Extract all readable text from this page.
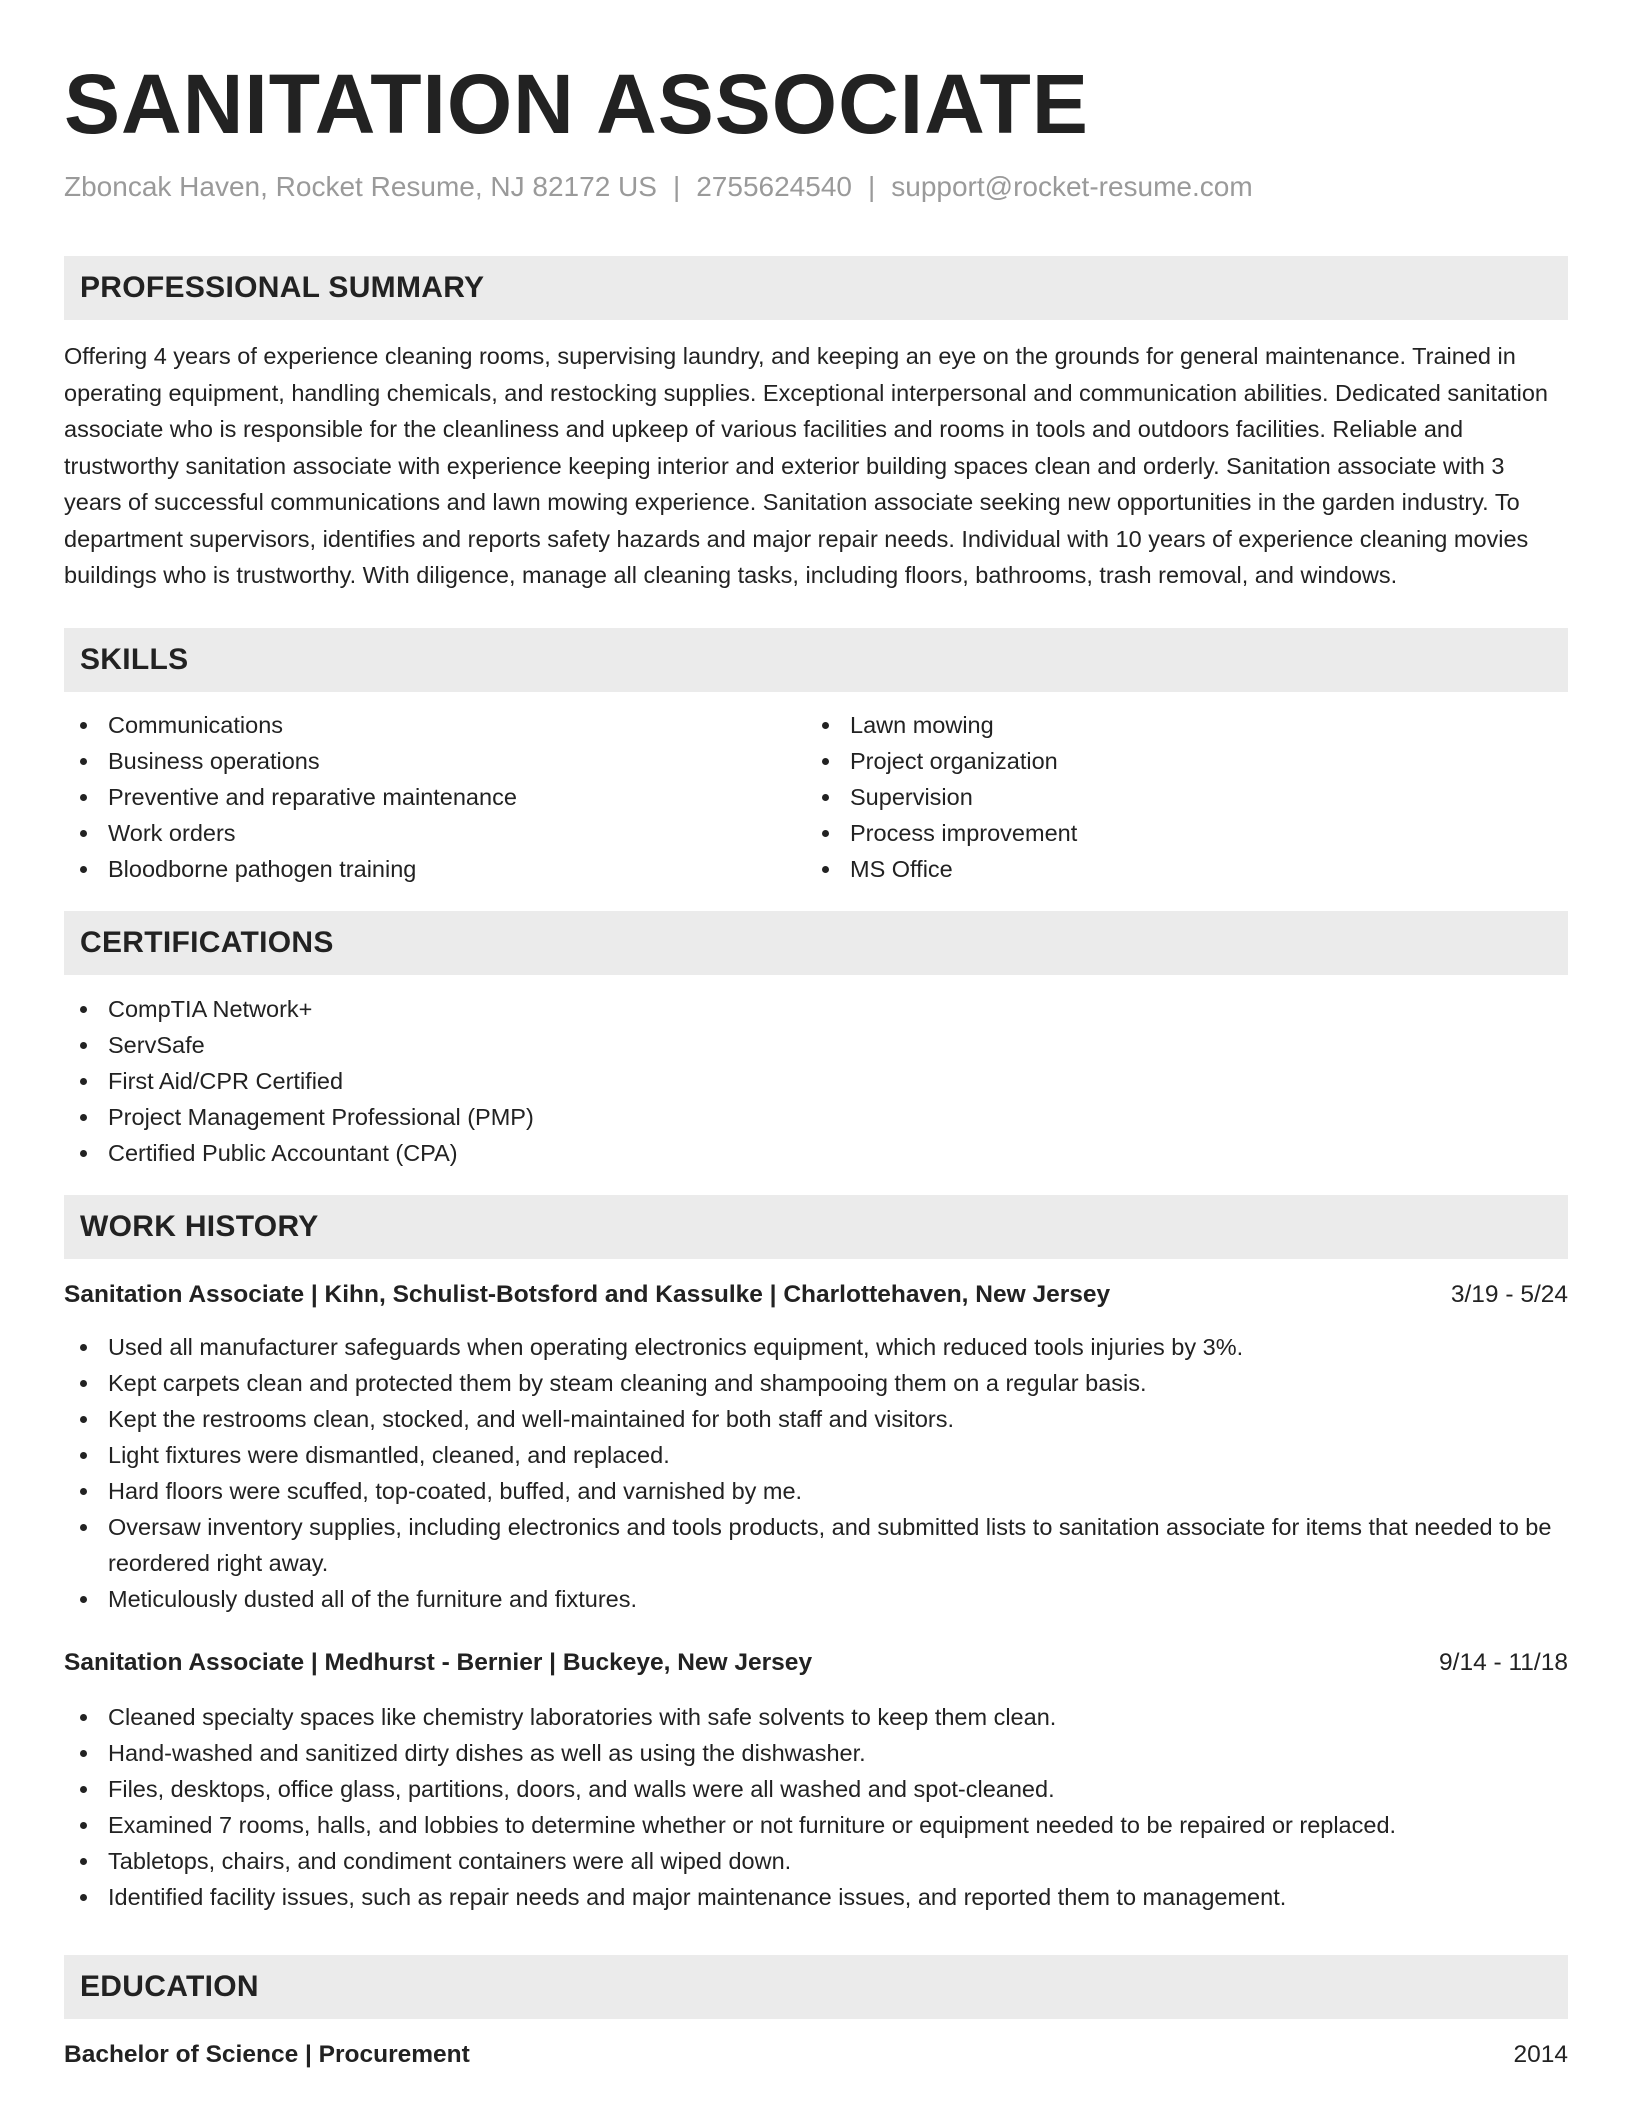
SANITATION ASSOCIATE
Zboncak Haven, Rocket Resume, NJ 82172 US | 2755624540 | support@rocket-resume.com
PROFESSIONAL SUMMARY

Offering 4 years of experience cleaning rooms, supervising laundry, and keeping an eye on the grounds for general maintenance. Trained in operating equipment, handling chemicals, and restocking supplies. Exceptional interpersonal and communication abilities. Dedicated sanitation associate who is responsible for the cleanliness and upkeep of various facilities and rooms in tools and outdoors facilities. Reliable and trustworthy sanitation associate with experience keeping interior and exterior building spaces clean and orderly. Sanitation associate with 3 years of successful communications and lawn mowing experience. Sanitation associate seeking new opportunities in the garden industry. To department supervisors, identifies and reports safety hazards and major repair needs. Individual with 10 years of experience cleaning movies buildings who is trustworthy. With diligence, manage all cleaning tasks, including floors, bathrooms, trash removal, and windows.

SKILLS
Communications
Business operations
Preventive and reparative maintenance
Work orders
Bloodborne pathogen training
Lawn mowing
Project organization
Supervision
Process improvement
MS Office
CERTIFICATIONS
CompTIA Network+
ServSafe
First Aid/CPR Certified
Project Management Professional (PMP)
Certified Public Accountant (CPA)
WORK HISTORY
Sanitation Associate | Kihn, Schulist-Botsford and Kassulke | Charlottehaven, New Jersey	3/19 - 5/24
Used all manufacturer safeguards when operating electronics equipment, which reduced tools injuries by 3%.
Kept carpets clean and protected them by steam cleaning and shampooing them on a regular basis.
Kept the restrooms clean, stocked, and well-maintained for both staff and visitors.
Light fixtures were dismantled, cleaned, and replaced.
Hard floors were scuffed, top-coated, buffed, and varnished by me.
Oversaw inventory supplies, including electronics and tools products, and submitted lists to sanitation associate for items that needed to be reordered right away.
Meticulously dusted all of the furniture and fixtures.
Sanitation Associate | Medhurst - Bernier | Buckeye, New Jersey	9/14 - 11/18
Cleaned specialty spaces like chemistry laboratories with safe solvents to keep them clean.
Hand-washed and sanitized dirty dishes as well as using the dishwasher.
Files, desktops, office glass, partitions, doors, and walls were all washed and spot-cleaned.
Examined 7 rooms, halls, and lobbies to determine whether or not furniture or equipment needed to be repaired or replaced.
Tabletops, chairs, and condiment containers were all wiped down.
Identified facility issues, such as repair needs and major maintenance issues, and reported them to management.
EDUCATION
Bachelor of Science | Procurement	2014
